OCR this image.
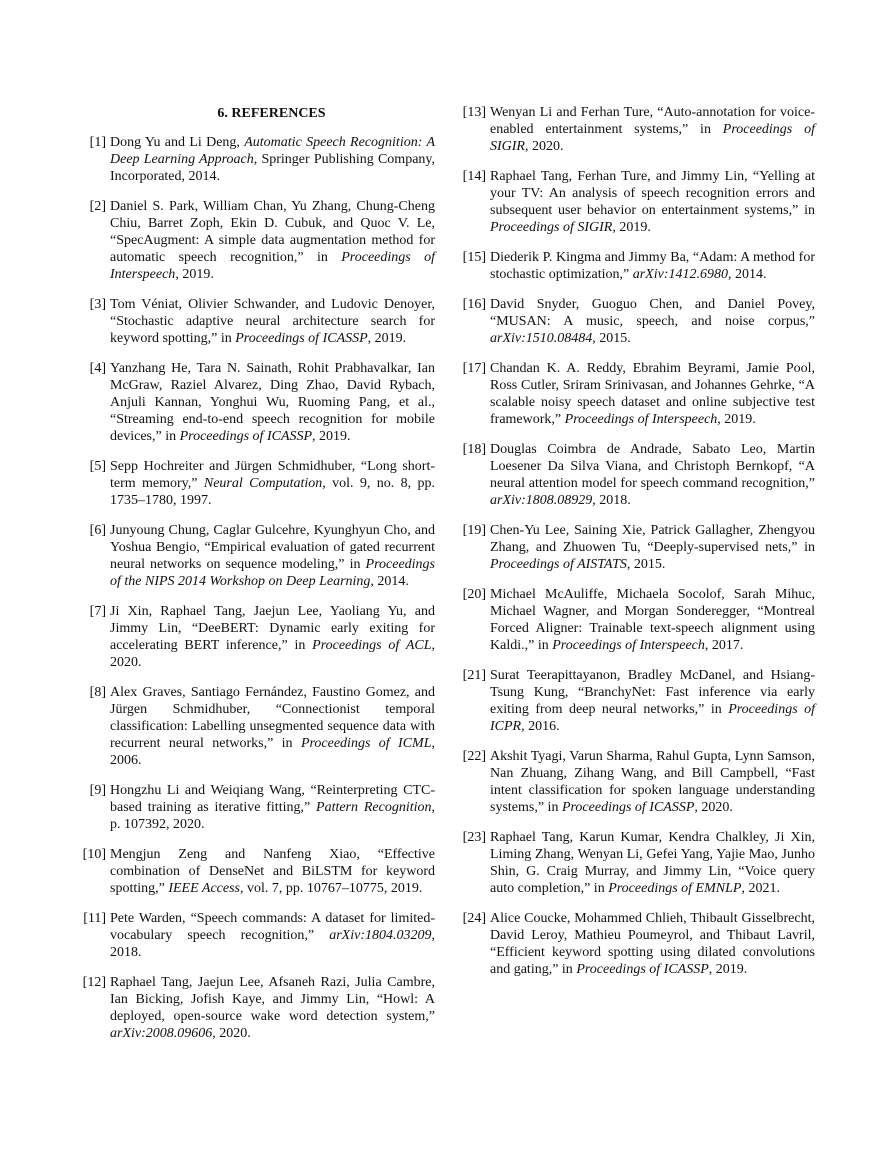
6. REFERENCES
[1] Dong Yu and Li Deng, Automatic Speech Recognition: A Deep Learning Approach, Springer Publishing Company, Incorporated, 2014.
[2] Daniel S. Park, William Chan, Yu Zhang, Chung-Cheng Chiu, Barret Zoph, Ekin D. Cubuk, and Quoc V. Le, “SpecAugment: A simple data augmentation method for automatic speech recognition,” in Proceedings of Interspeech, 2019.
[3] Tom Véniat, Olivier Schwander, and Ludovic Denoyer, “Stochastic adaptive neural architecture search for keyword spotting,” in Proceedings of ICASSP, 2019.
[4] Yanzhang He, Tara N. Sainath, Rohit Prabhavalkar, Ian McGraw, Raziel Alvarez, Ding Zhao, David Rybach, Anjuli Kannan, Yonghui Wu, Ruoming Pang, et al., “Streaming end-to-end speech recognition for mobile devices,” in Proceedings of ICASSP, 2019.
[5] Sepp Hochreiter and Jürgen Schmidhuber, “Long short-term memory,” Neural Computation, vol. 9, no. 8, pp. 1735–1780, 1997.
[6] Junyoung Chung, Caglar Gulcehre, Kyunghyun Cho, and Yoshua Bengio, “Empirical evaluation of gated recurrent neural networks on sequence modeling,” in Proceedings of the NIPS 2014 Workshop on Deep Learning, 2014.
[7] Ji Xin, Raphael Tang, Jaejun Lee, Yaoliang Yu, and Jimmy Lin, “DeeBERT: Dynamic early exiting for accelerating BERT inference,” in Proceedings of ACL, 2020.
[8] Alex Graves, Santiago Fernández, Faustino Gomez, and Jürgen Schmidhuber, “Connectionist temporal classification: Labelling unsegmented sequence data with recurrent neural networks,” in Proceedings of ICML, 2006.
[9] Hongzhu Li and Weiqiang Wang, “Reinterpreting CTC-based training as iterative fitting,” Pattern Recognition, p. 107392, 2020.
[10] Mengjun Zeng and Nanfeng Xiao, “Effective combination of DenseNet and BiLSTM for keyword spotting,” IEEE Access, vol. 7, pp. 10767–10775, 2019.
[11] Pete Warden, “Speech commands: A dataset for limited-vocabulary speech recognition,” arXiv:1804.03209, 2018.
[12] Raphael Tang, Jaejun Lee, Afsaneh Razi, Julia Cambre, Ian Bicking, Jofish Kaye, and Jimmy Lin, “Howl: A deployed, open-source wake word detection system,” arXiv:2008.09606, 2020.
[13] Wenyan Li and Ferhan Ture, “Auto-annotation for voice-enabled entertainment systems,” in Proceedings of SIGIR, 2020.
[14] Raphael Tang, Ferhan Ture, and Jimmy Lin, “Yelling at your TV: An analysis of speech recognition errors and subsequent user behavior on entertainment systems,” in Proceedings of SIGIR, 2019.
[15] Diederik P. Kingma and Jimmy Ba, “Adam: A method for stochastic optimization,” arXiv:1412.6980, 2014.
[16] David Snyder, Guoguo Chen, and Daniel Povey, “MUSAN: A music, speech, and noise corpus,” arXiv:1510.08484, 2015.
[17] Chandan K. A. Reddy, Ebrahim Beyrami, Jamie Pool, Ross Cutler, Sriram Srinivasan, and Johannes Gehrke, “A scalable noisy speech dataset and online subjective test framework,” Proceedings of Interspeech, 2019.
[18] Douglas Coimbra de Andrade, Sabato Leo, Martin Loesener Da Silva Viana, and Christoph Bernkopf, “A neural attention model for speech command recognition,” arXiv:1808.08929, 2018.
[19] Chen-Yu Lee, Saining Xie, Patrick Gallagher, Zhengyou Zhang, and Zhuowen Tu, “Deeply-supervised nets,” in Proceedings of AISTATS, 2015.
[20] Michael McAuliffe, Michaela Socolof, Sarah Mihuc, Michael Wagner, and Morgan Sonderegger, “Montreal Forced Aligner: Trainable text-speech alignment using Kaldi.,” in Proceedings of Interspeech, 2017.
[21] Surat Teerapittayanon, Bradley McDanel, and Hsiang-Tsung Kung, “BranchyNet: Fast inference via early exiting from deep neural networks,” in Proceedings of ICPR, 2016.
[22] Akshit Tyagi, Varun Sharma, Rahul Gupta, Lynn Samson, Nan Zhuang, Zihang Wang, and Bill Campbell, “Fast intent classification for spoken language understanding systems,” in Proceedings of ICASSP, 2020.
[23] Raphael Tang, Karun Kumar, Kendra Chalkley, Ji Xin, Liming Zhang, Wenyan Li, Gefei Yang, Yajie Mao, Junho Shin, G. Craig Murray, and Jimmy Lin, “Voice query auto completion,” in Proceedings of EMNLP, 2021.
[24] Alice Coucke, Mohammed Chlieh, Thibault Gisselbrecht, David Leroy, Mathieu Poumeyrol, and Thibaut Lavril, “Efficient keyword spotting using dilated convolutions and gating,” in Proceedings of ICASSP, 2019.
